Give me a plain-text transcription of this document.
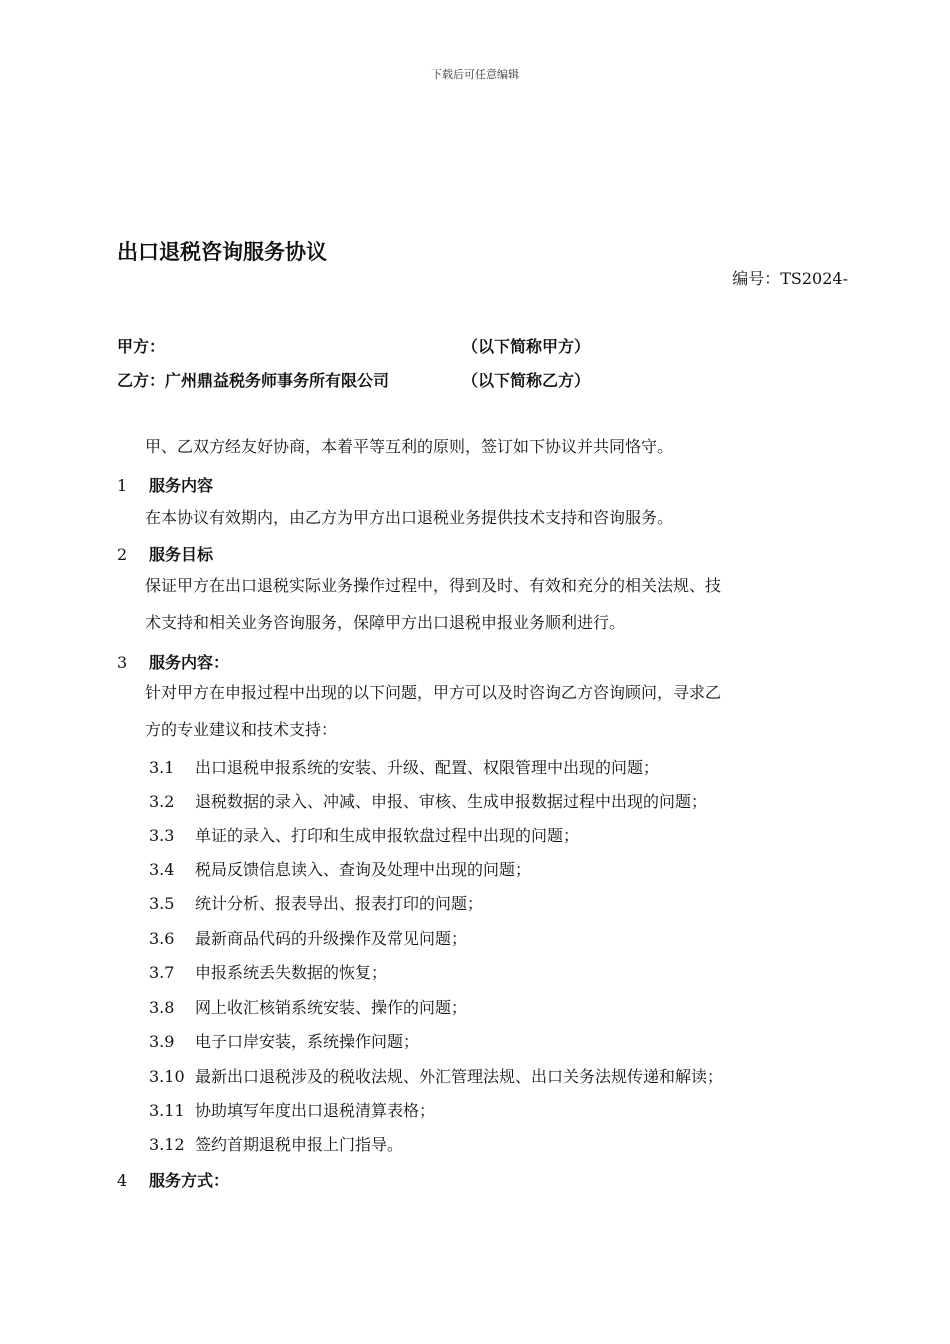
下载后可任意编辑
出口退税咨询服务协议
编号：TS2024-
甲方：	（以下简称甲方）
乙方：广州鼎益税务师事务所有限公司	（以下简称乙方）
甲、乙双方经友好协商，本着平等互利的原则，签订如下协议并共同恪守。
1 服务内容
在本协议有效期内，由乙方为甲方出口退税业务提供技术支持和咨询服务。
2 服务目标
保证甲方在出口退税实际业务操作过程中，得到及时、有效和充分的相关法规、技
术支持和相关业务咨询服务，保障甲方出口退税申报业务顺利进行。
3 服务内容：
针对甲方在申报过程中出现的以下问题，甲方可以及时咨询乙方咨询顾问，寻求乙
方的专业建议和技术支持：
3.1 出口退税申报系统的安装、升级、配置、权限管理中出现的问题；
3.2 退税数据的录入、冲减、申报、审核、生成申报数据过程中出现的问题；
3.3 单证的录入、打印和生成申报软盘过程中出现的问题；
3.4 税局反馈信息读入、查询及处理中出现的问题；
3.5 统计分析、报表导出、报表打印的问题；
3.6 最新商品代码的升级操作及常见问题；
3.7 申报系统丢失数据的恢复；
3.8 网上收汇核销系统安装、操作的问题；
3.9 电子口岸安装，系统操作问题；
3.10 最新出口退税涉及的税收法规、外汇管理法规、出口关务法规传递和解读；
3.11 协助填写年度出口退税清算表格；
3.12 签约首期退税申报上门指导。
4 服务方式：
